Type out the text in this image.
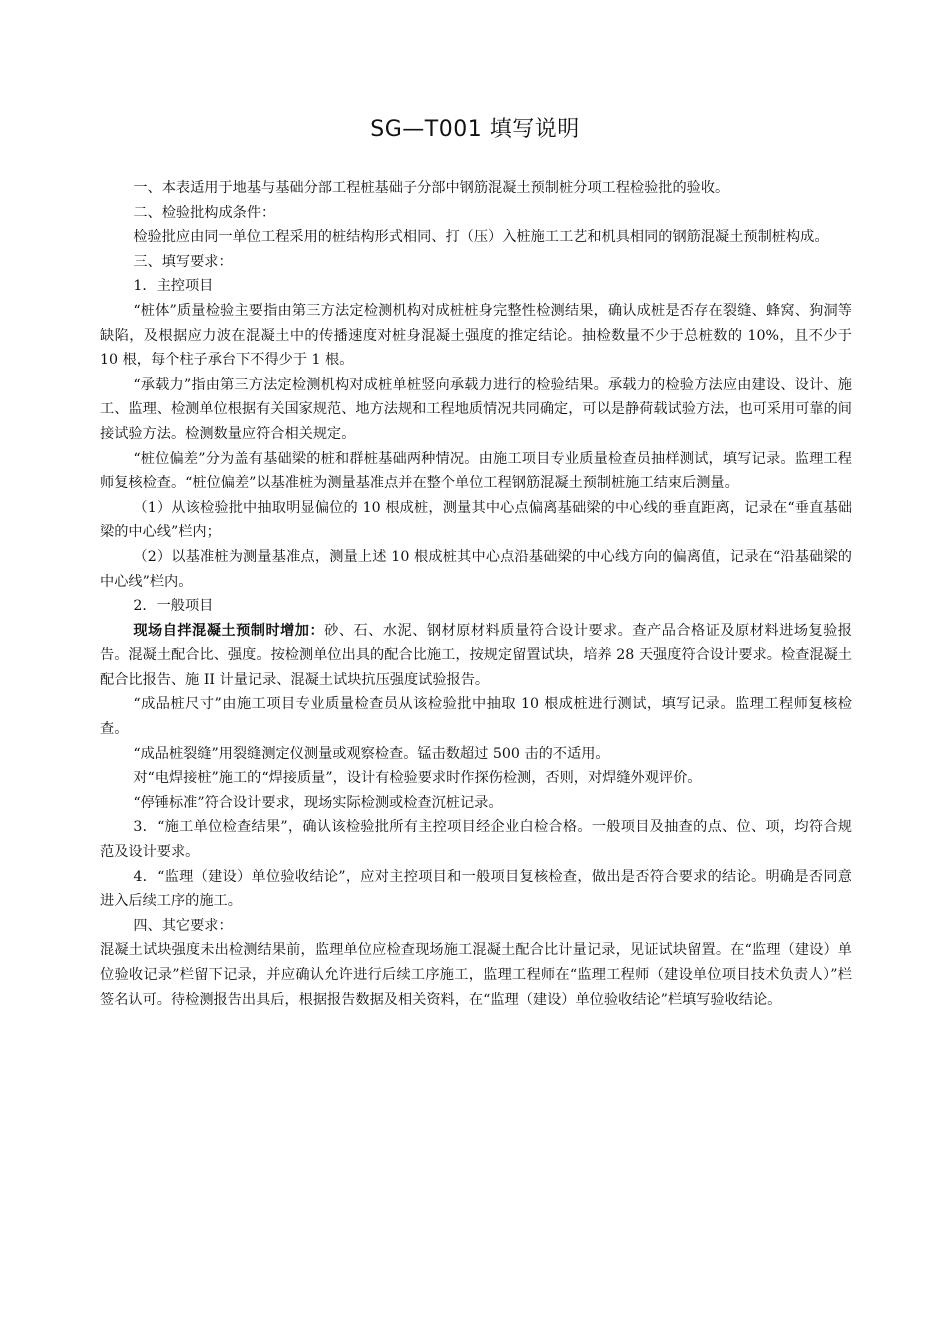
SG—T001 填写说明

一、本表适用于地基与基础分部工程桩基础子分部中钢筋混凝土预制桩分项工程检验批的验收。

二、检验批构成条件：

检验批应由同一单位工程采用的桩结构形式相同、打（压）入桩施工工艺和机具相同的钢筋混凝土预制桩构成。

三、填写要求：

1．主控项目

“桩体”质量检验主要指由第三方法定检测机构对成桩桩身完整性检测结果，确认成桩是否存在裂缝、蜂窝、狗洞等缺陷，及根据应力波在混凝土中的传播速度对桩身混凝土强度的推定结论。抽检数量不少于总桩数的 10%，且不少于 10 根，每个柱子承台下不得少于 1 根。

“承载力”指由第三方法定检测机构对成桩单桩竖向承载力进行的检验结果。承载力的检验方法应由建设、设计、施工、监理、检测单位根据有关国家规范、地方法规和工程地质情况共同确定，可以是静荷载试验方法，也可采用可靠的间接试验方法。检测数量应符合相关规定。

“桩位偏差”分为盖有基础梁的桩和群桩基础两种情况。由施工项目专业质量检查员抽样测试，填写记录。监理工程师复核检查。“桩位偏差”以基准桩为测量基准点并在整个单位工程钢筋混凝土预制桩施工结束后测量。

（1）从该检验批中抽取明显偏位的 10 根成桩，测量其中心点偏离基础梁的中心线的垂直距离，记录在“垂直基础梁的中心线”栏内；

（2）以基准桩为测量基准点，测量上述 10 根成桩其中心点沿基础梁的中心线方向的偏离值，记录在“沿基础梁的中心线”栏内。

2．一般项目

现场自拌混凝土预制时增加：砂、石、水泥、钢材原材料质量符合设计要求。查产品合格证及原材料进场复验报告。混凝土配合比、强度。按检测单位出具的配合比施工，按规定留置试块，培养 28 天强度符合设计要求。检查混凝土配合比报告、施 II 计量记录、混凝土试块抗压强度试验报告。

“成品桩尺寸”由施工项目专业质量检查员从该检验批中抽取 10 根成桩进行测试，填写记录。监理工程师复核检查。

“成品桩裂缝”用裂缝测定仪测量或观察检查。锰击数超过 500 击的不适用。

对“电焊接桩”施工的“焊接质量”，设计有检验要求时作探伤检测，否则，对焊缝外观评价。

“停锤标准”符合设计要求，现场实际检测或检查沉桩记录。

3．“施工单位检查结果”，确认该检验批所有主控项目经企业白检合格。一般项目及抽查的点、位、项，均符合规范及设计要求。

4．“监理（建设）单位验收结论”，应对主控项目和一般项目复核检查，做出是否符合要求的结论。明确是否同意进入后续工序的施工。

四、其它要求：

混凝土试块强度未出检测结果前，监理单位应检查现场施工混凝土配合比计量记录，见证试块留置。在“监理（建设）单位验收记录”栏留下记录，并应确认允许进行后续工序施工，监理工程师在“监理工程师（建设单位项目技术负责人）”栏签名认可。待检测报告出具后，根据报告数据及相关资料，在“监理（建设）单位验收结论”栏填写验收结论。
